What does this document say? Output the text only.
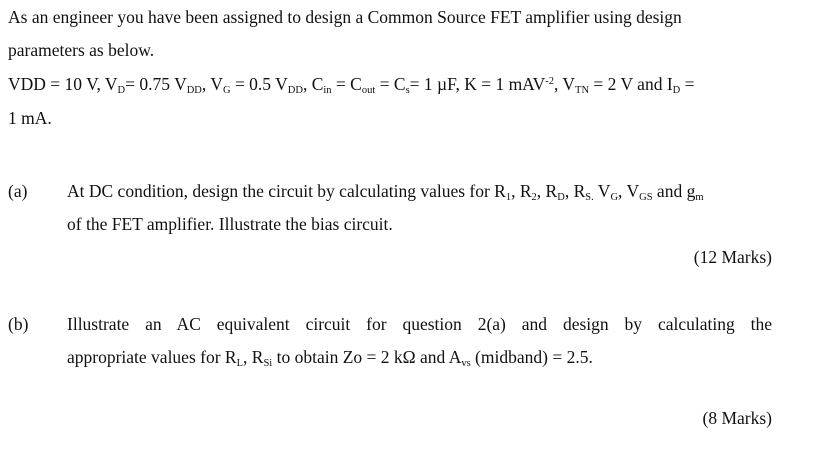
As an engineer you have been assigned to design a Common Source FET amplifier using design
parameters as below.
VDD = 10 V, $V_D= 0.75$ $V_{DD}$, $V_G = 0.5$ $V_{DD}$, $C_{in} = C_{out} = C_s= 1$ µF, K = 1 mAV$^{-2}$, $V_{TN} = 2$ V and $I_D$ =
1 mA.
(a) At DC condition, design the circuit by calculating values for $R_1$, $R_2$, $R_D$, $R_{S.}$ $V_G$, $V_{GS}$ and $g_m$
of the FET amplifier. Illustrate the bias circuit.
(12 Marks)
(b) Illustrate an AC equivalent circuit for question 2(a) and design by calculating the
appropriate values for $R_L$, $R_{Si}$ to obtain Zo = 2 kΩ and $A_{vs}$ (midband) = 2.5.
(8 Marks)
